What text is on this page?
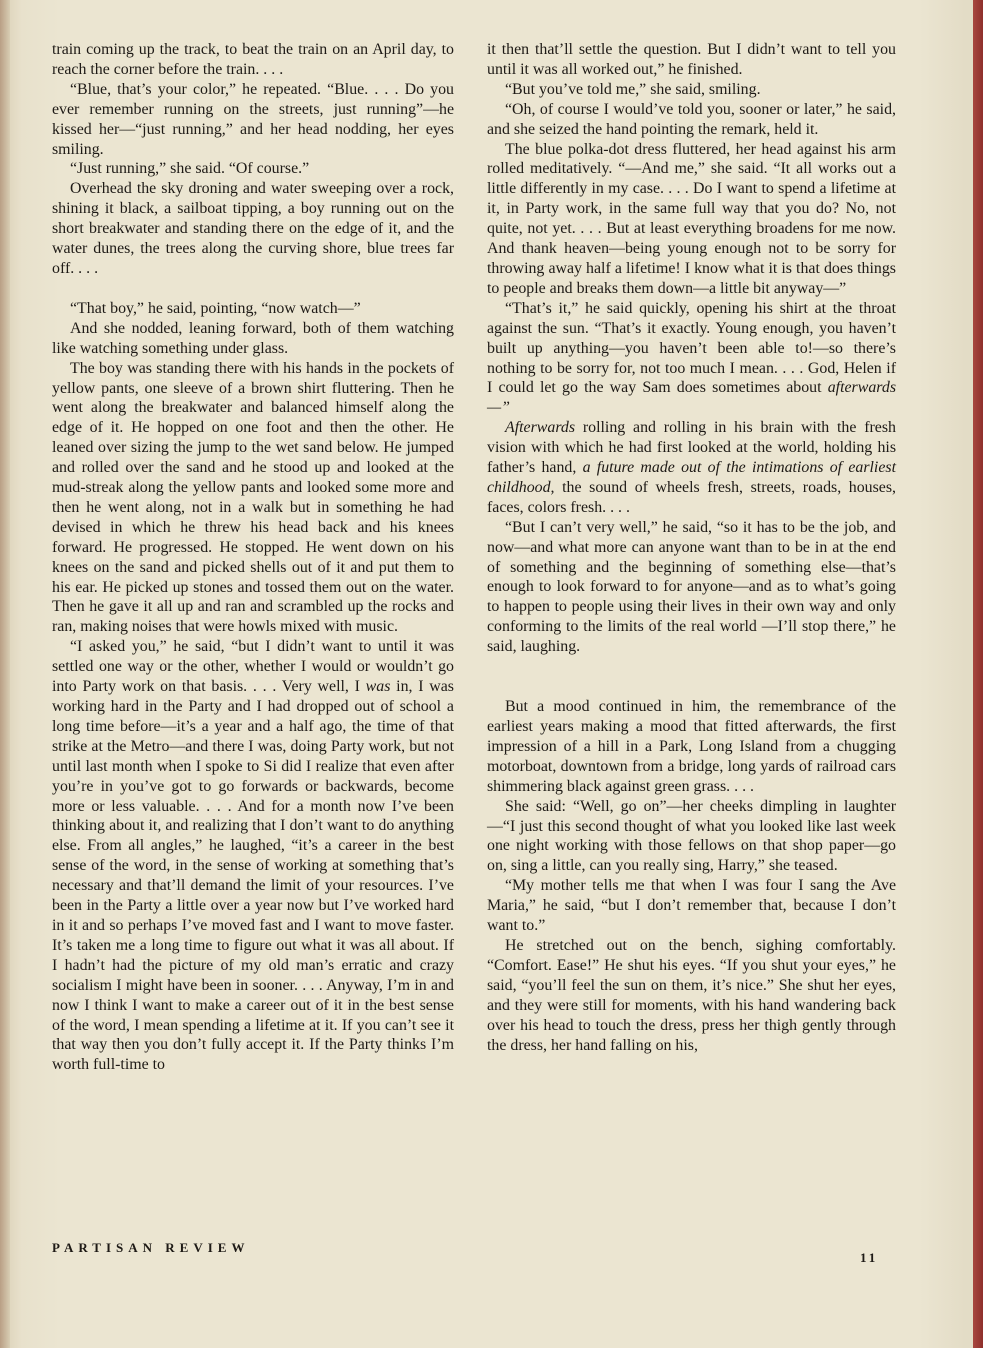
train coming up the track, to beat the train on an April day, to reach the corner before the train. . . .

“Blue, that’s your color,” he repeated. “Blue. . . . Do you ever remember running on the streets, just running”—he kissed her—“just running,” and her head nodding, her eyes smiling.

“Just running,” she said. “Of course.”

Overhead the sky droning and water sweeping over a rock, shining it black, a sailboat tipping, a boy running out on the short breakwater and standing there on the edge of it, and the water dunes, the trees along the curving shore, blue trees far off. . . .

“That boy,” he said, pointing, “now watch—”

And she nodded, leaning forward, both of them watching like watching something under glass.

The boy was standing there with his hands in the pockets of yellow pants, one sleeve of a brown shirt fluttering. Then he went along the breakwater and balanced himself along the edge of it. He hopped on one foot and then the other. He leaned over sizing the jump to the wet sand below. He jumped and rolled over the sand and he stood up and looked at the mud-streak along the yellow pants and looked some more and then he went along, not in a walk but in something he had devised in which he threw his head back and his knees forward. He progressed. He stopped. He went down on his knees on the sand and picked shells out of it and put them to his ear. He picked up stones and tossed them out on the water. Then he gave it all up and ran and scrambled up the rocks and ran, making noises that were howls mixed with music.

“I asked you,” he said, “but I didn’t want to until it was settled one way or the other, whether I would or wouldn’t go into Party work on that basis. . . . Very well, I was in, I was working hard in the Party and I had dropped out of school a long time before—it’s a year and a half ago, the time of that strike at the Metro—and there I was, doing Party work, but not until last month when I spoke to Si did I realize that even after you’re in you’ve got to go forwards or backwards, become more or less valuable. . . . And for a month now I’ve been thinking about it, and realizing that I don’t want to do anything else. From all angles,” he laughed, “it’s a career in the best sense of the word, in the sense of working at something that’s necessary and that’ll demand the limit of your resources. I’ve been in the Party a little over a year now but I’ve worked hard in it and so perhaps I’ve moved fast and I want to move faster. It’s taken me a long time to figure out what it was all about. If I hadn’t had the picture of my old man’s erratic and crazy socialism I might have been in sooner. . . . Anyway, I’m in and now I think I want to make a career out of it in the best sense of the word, I mean spending a lifetime at it. If you can’t see it that way then you don’t fully accept it. If the Party thinks I’m worth full-time to

it then that’ll settle the question. But I didn’t want to tell you until it was all worked out,” he finished.

“But you’ve told me,” she said, smiling.

“Oh, of course I would’ve told you, sooner or later,” he said, and she seized the hand pointing the remark, held it.

The blue polka-dot dress fluttered, her head against his arm rolled meditatively. “—And me,” she said. “It all works out a little differently in my case. . . . Do I want to spend a lifetime at it, in Party work, in the same full way that you do? No, not quite, not yet. . . . But at least everything broadens for me now. And thank heaven—being young enough not to be sorry for throwing away half a lifetime! I know what it is that does things to people and breaks them down—a little bit anyway—”

“That’s it,” he said quickly, opening his shirt at the throat against the sun. “That’s it exactly. Young enough, you haven’t built up anything—you haven’t been able to!—so there’s nothing to be sorry for, not too much I mean. . . . God, Helen if I could let go the way Sam does sometimes about afterwards—”

Afterwards rolling and rolling in his brain with the fresh vision with which he had first looked at the world, holding his father’s hand, a future made out of the intimations of earliest childhood, the sound of wheels fresh, streets, roads, houses, faces, colors fresh. . . .

“But I can’t very well,” he said, “so it has to be the job, and now—and what more can anyone want than to be in at the end of something and the beginning of something else—that’s enough to look forward to for anyone—and as to what’s going to happen to people using their lives in their own way and only conforming to the limits of the real world —I’ll stop there,” he said, laughing.

But a mood continued in him, the remembrance of the earliest years making a mood that fitted afterwards, the first impression of a hill in a Park, Long Island from a chugging motorboat, downtown from a bridge, long yards of railroad cars shimmering black against green grass. . . .

She said: “Well, go on”—her cheeks dimpling in laughter—“I just this second thought of what you looked like last week one night working with those fellows on that shop paper—go on, sing a little, can you really sing, Harry,” she teased.

“My mother tells me that when I was four I sang the Ave Maria,” he said, “but I don’t remember that, because I don’t want to.”

He stretched out on the bench, sighing comfortably. “Comfort. Ease!” He shut his eyes. “If you shut your eyes,” he said, “you’ll feel the sun on them, it’s nice.” She shut her eyes, and they were still for moments, with his hand wandering back over his head to touch the dress, press her thigh gently through the dress, her hand falling on his,

PARTISAN REVIEW
11
